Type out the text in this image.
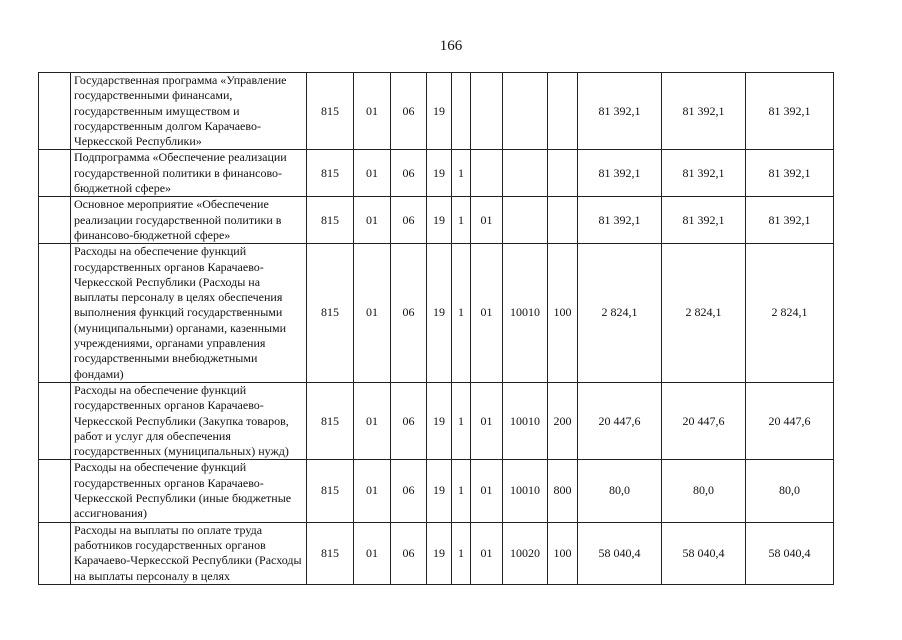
166
	Государственная программа «Управление государственными финансами, государственным имуществом и государственным долгом Карачаево-Черкесской Республики»	815	01	06	19					81 392,1	81 392,1	81 392,1
	Подпрограмма «Обеспечение реализации государственной политики в финансово-бюджетной сфере»	815	01	06	19	1				81 392,1	81 392,1	81 392,1
	Основное мероприятие «Обеспечение реализации государственной политики в финансово-бюджетной сфере»	815	01	06	19	1	01			81 392,1	81 392,1	81 392,1
	Расходы на обеспечение функций государственных органов Карачаево-Черкесской Республики (Расходы на выплаты персоналу в целях обеспечения выполнения функций государственными (муниципальными) органами, казенными учреждениями, органами управления государственными внебюджетными фондами)	815	01	06	19	1	01	10010	100	2 824,1	2 824,1	2 824,1
	Расходы на обеспечение функций государственных органов Карачаево-Черкесской Республики (Закупка товаров, работ и услуг для обеспечения государственных (муниципальных) нужд)	815	01	06	19	1	01	10010	200	20 447,6	20 447,6	20 447,6
	Расходы на обеспечение функций государственных органов Карачаево-Черкесской Республики (иные бюджетные ассигнования)	815	01	06	19	1	01	10010	800	80,0	80,0	80,0
	Расходы на выплаты по оплате труда работников государственных органов Карачаево-Черкесской Республики (Расходы на выплаты персоналу в целях	815	01	06	19	1	01	10020	100	58 040,4	58 040,4	58 040,4
